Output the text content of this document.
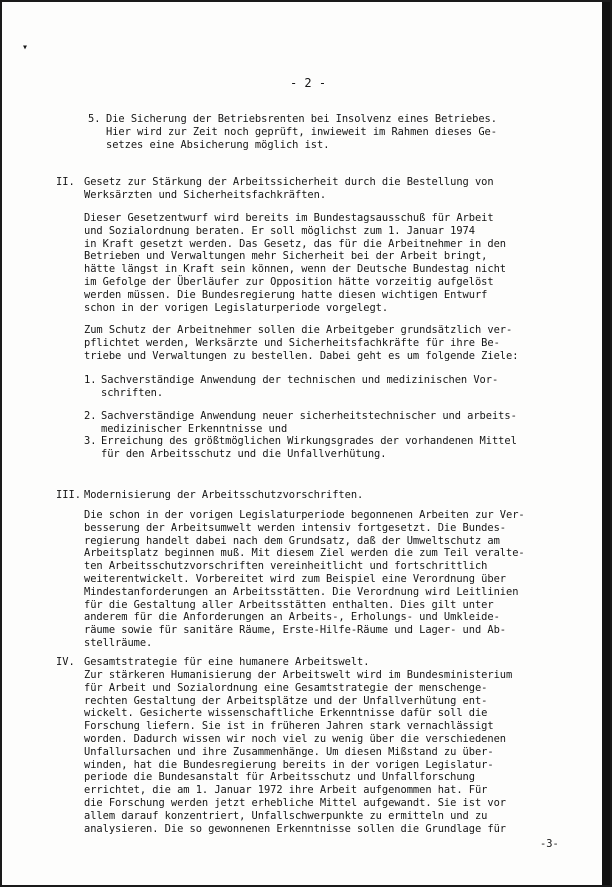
▾
- 2 -
5. Die Sicherung der Betriebsrenten bei Insolvenz eines Betriebes.
Hier wird zur Zeit noch geprüft, inwieweit im Rahmen dieses Ge-
setzes eine Absicherung möglich ist.
II. Gesetz zur Stärkung der Arbeitssicherheit durch die Bestellung von
Werksärzten und Sicherheitsfachkräften.
Dieser Gesetzentwurf wird bereits im Bundestagsausschuß für Arbeit
und Sozialordnung beraten. Er soll möglichst zum 1. Januar 1974
in Kraft gesetzt werden. Das Gesetz, das für die Arbeitnehmer in den
Betrieben und Verwaltungen mehr Sicherheit bei der Arbeit bringt,
hätte längst in Kraft sein können, wenn der Deutsche Bundestag nicht
im Gefolge der Überläufer zur Opposition hätte vorzeitig aufgelöst
werden müssen. Die Bundesregierung hatte diesen wichtigen Entwurf
schon in der vorigen Legislaturperiode vorgelegt.
Zum Schutz der Arbeitnehmer sollen die Arbeitgeber grundsätzlich ver-
pflichtet werden, Werksärzte und Sicherheitsfachkräfte für ihre Be-
triebe und Verwaltungen zu bestellen. Dabei geht es um folgende Ziele:
1. Sachverständige Anwendung der technischen und medizinischen Vor-
schriften.
2. Sachverständige Anwendung neuer sicherheitstechnischer und arbeits-
medizinischer Erkenntnisse und
3. Erreichung des größtmöglichen Wirkungsgrades der vorhandenen Mittel
für den Arbeitsschutz und die Unfallverhütung.
III. Modernisierung der Arbeitsschutzvorschriften.
Die schon in der vorigen Legislaturperiode begonnenen Arbeiten zur Ver-
besserung der Arbeitsumwelt werden intensiv fortgesetzt. Die Bundes-
regierung handelt dabei nach dem Grundsatz, daß der Umweltschutz am
Arbeitsplatz beginnen muß. Mit diesem Ziel werden die zum Teil veralte-
ten Arbeitsschutzvorschriften vereinheitlicht und fortschrittlich
weiterentwickelt. Vorbereitet wird zum Beispiel eine Verordnung über
Mindestanforderungen an Arbeitsstätten. Die Verordnung wird Leitlinien
für die Gestaltung aller Arbeitsstätten enthalten. Dies gilt unter
anderem für die Anforderungen an Arbeits-, Erholungs- und Umkleide-
räume sowie für sanitäre Räume, Erste-Hilfe-Räume und Lager- und Ab-
stellräume.
IV. Gesamtstrategie für eine humanere Arbeitswelt.
Zur stärkeren Humanisierung der Arbeitswelt wird im Bundesministerium
für Arbeit und Sozialordnung eine Gesamtstrategie der menschenge-
rechten Gestaltung der Arbeitsplätze und der Unfallverhütung ent-
wickelt. Gesicherte wissenschaftliche Erkenntnisse dafür soll die
Forschung liefern. Sie ist in früheren Jahren stark vernachlässigt
worden. Dadurch wissen wir noch viel zu wenig über die verschiedenen
Unfallursachen und ihre Zusammenhänge. Um diesen Mißstand zu über-
winden, hat die Bundesregierung bereits in der vorigen Legislatur-
periode die Bundesanstalt für Arbeitsschutz und Unfallforschung
errichtet, die am 1. Januar 1972 ihre Arbeit aufgenommen hat. Für
die Forschung werden jetzt erhebliche Mittel aufgewandt. Sie ist vor
allem darauf konzentriert, Unfallschwerpunkte zu ermitteln und zu
analysieren. Die so gewonnenen Erkenntnisse sollen die Grundlage für
-3-
